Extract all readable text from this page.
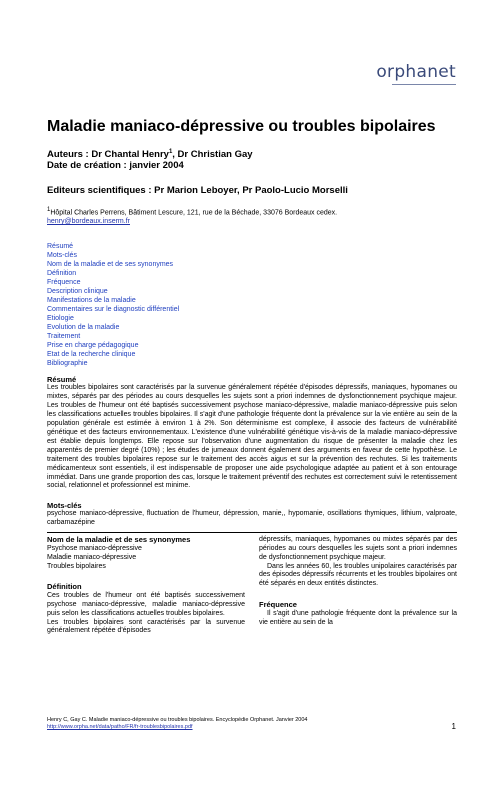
orphanet
Maladie maniaco-dépressive ou troubles bipolaires
Auteurs : Dr Chantal Henry$^1$, Dr Christian Gay
Date de création : janvier 2004
Editeurs scientifiques : Pr Marion Leboyer, Pr Paolo-Lucio Morselli
$^1$Hôpital Charles Perrens, Bâtiment Lescure, 121, rue de la Béchade, 33076 Bordeaux cedex.
henry@bordeaux.inserm.fr
Résumé
Mots-clés
Nom de la maladie et de ses synonymes
Définition
Fréquence
Description clinique
Manifestations de la maladie
Commentaires sur le diagnostic différentiel
Etiologie
Evolution de la maladie
Traitement
Prise en charge pédagogique
Etat de la recherche clinique
Bibliographie
Résumé
Les troubles bipolaires sont caractérisés par la survenue généralement répétée d'épisodes dépressifs, maniaques, hypomanes ou mixtes, séparés par des périodes au cours desquelles les sujets sont a priori indemnes de dysfonctionnement psychique majeur. Les troubles de l'humeur ont été baptisés successivement psychose maniaco-dépressive, maladie maniaco-dépressive puis selon les classifications actuelles troubles bipolaires. Il s'agit d'une pathologie fréquente dont la prévalence sur la vie entière au sein de la population générale est estimée à environ 1 à 2%. Son déterminisme est complexe, il associe des facteurs de vulnérabilité génétique et des facteurs environnementaux. L'existence d'une vulnérabilité génétique vis-à-vis de la maladie maniaco-dépressive est établie depuis longtemps. Elle repose sur l'observation d'une augmentation du risque de présenter la maladie chez les apparentés de premier degré (10%) ; les études de jumeaux donnent également des arguments en faveur de cette hypothèse. Le traitement des troubles bipolaires repose sur le traitement des accès aigus et sur la prévention des rechutes. Si les traitements médicamenteux sont essentiels, il est indispensable de proposer une aide psychologique adaptée au patient et à son entourage immédiat. Dans une grande proportion des cas, lorsque le traitement préventif des rechutes est correctement suivi le retentissement social, relationnel et professionnel est minime.
Mots-clés
psychose maniaco-dépressive, fluctuation de l'humeur, dépression, manie,, hypomanie, oscillations thymiques, lithium, valproate, carbamazépine
Nom de la maladie et de ses synonymes
Psychose maniaco-dépressive
Maladie maniaco-dépressive
Troubles bipolaires
Définition

Ces troubles de l'humeur ont été baptisés successivement psychose maniaco-dépressive, maladie maniaco-dépressive puis selon les classifications actuelles troubles bipolaires.

Les troubles bipolaires sont caractérisés par la survenue généralement répétée d'épisodes

dépressifs, maniaques, hypomanes ou mixtes séparés par des périodes au cours desquelles les sujets sont a priori indemnes de dysfonctionnement psychique majeur.

Dans les années 60, les troubles unipolaires caractérisés par des épisodes dépressifs récurrents et les troubles bipolaires ont été séparés en deux entités distinctes.

Fréquence

Il s'agit d'une pathologie fréquente dont la prévalence sur la vie entière au sein de la

Henry C, Gay C. Maladie maniaco-dépressive ou troubles bipolaires. Encyclopédie Orphanet. Janvier 2004
http://www.orpha.net/data/patho/FR/fr-troublesbipolaires.pdf	1
